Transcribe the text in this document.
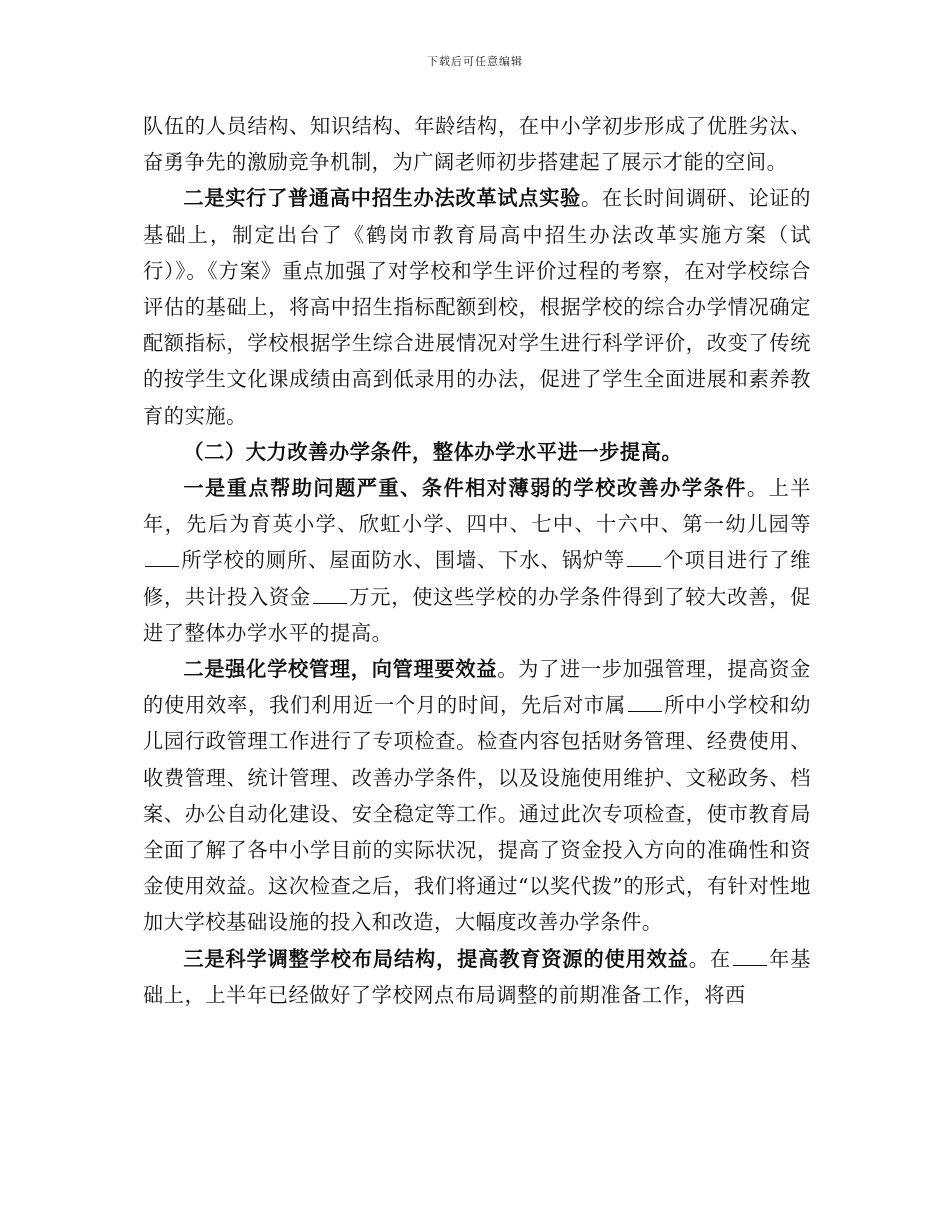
下载后可任意编辑

队伍的人员结构、知识结构、年龄结构，在中小学初步形成了优胜劣汰、奋勇争先的激励竞争机制，为广阔老师初步搭建起了展示才能的空间。

二是实行了普通高中招生办法改革试点实验。在长时间调研、论证的基础上，制定出台了《鹤岗市教育局高中招生办法改革实施方案（试行）》。《方案》重点加强了对学校和学生评价过程的考察，在对学校综合评估的基础上，将高中招生指标配额到校，根据学校的综合办学情况确定配额指标，学校根据学生综合进展情况对学生进行科学评价，改变了传统的按学生文化课成绩由高到低录用的办法，促进了学生全面进展和素养教育的实施。

（二）大力改善办学条件，整体办学水平进一步提高。

一是重点帮助问题严重、条件相对薄弱的学校改善办学条件。上半年，先后为育英小学、欣虹小学、四中、七中、十六中、第一幼儿园等所学校的厕所、屋面防水、围墙、下水、锅炉等 个项目进行了维修，共计投入资金 万元，使这些学校的办学条件得到了较大改善，促进了整体办学水平的提高。

二是强化学校管理，向管理要效益。为了进一步加强管理，提高资金的使用效率，我们利用近一个月的时间，先后对市属 所中小学校和幼儿园行政管理工作进行了专项检查。检查内容包括财务管理、经费使用、收费管理、统计管理、改善办学条件，以及设施使用维护、文秘政务、档案、办公自动化建设、安全稳定等工作。通过此次专项检查，使市教育局全面了解了各中小学目前的实际状况，提高了资金投入方向的准确性和资金使用效益。这次检查之后，我们将通过“以奖代拨”的形式，有针对性地加大学校基础设施的投入和改造，大幅度改善办学条件。

三是科学调整学校布局结构，提高教育资源的使用效益。在 年基础上，上半年已经做好了学校网点布局调整的前期准备工作，将西
